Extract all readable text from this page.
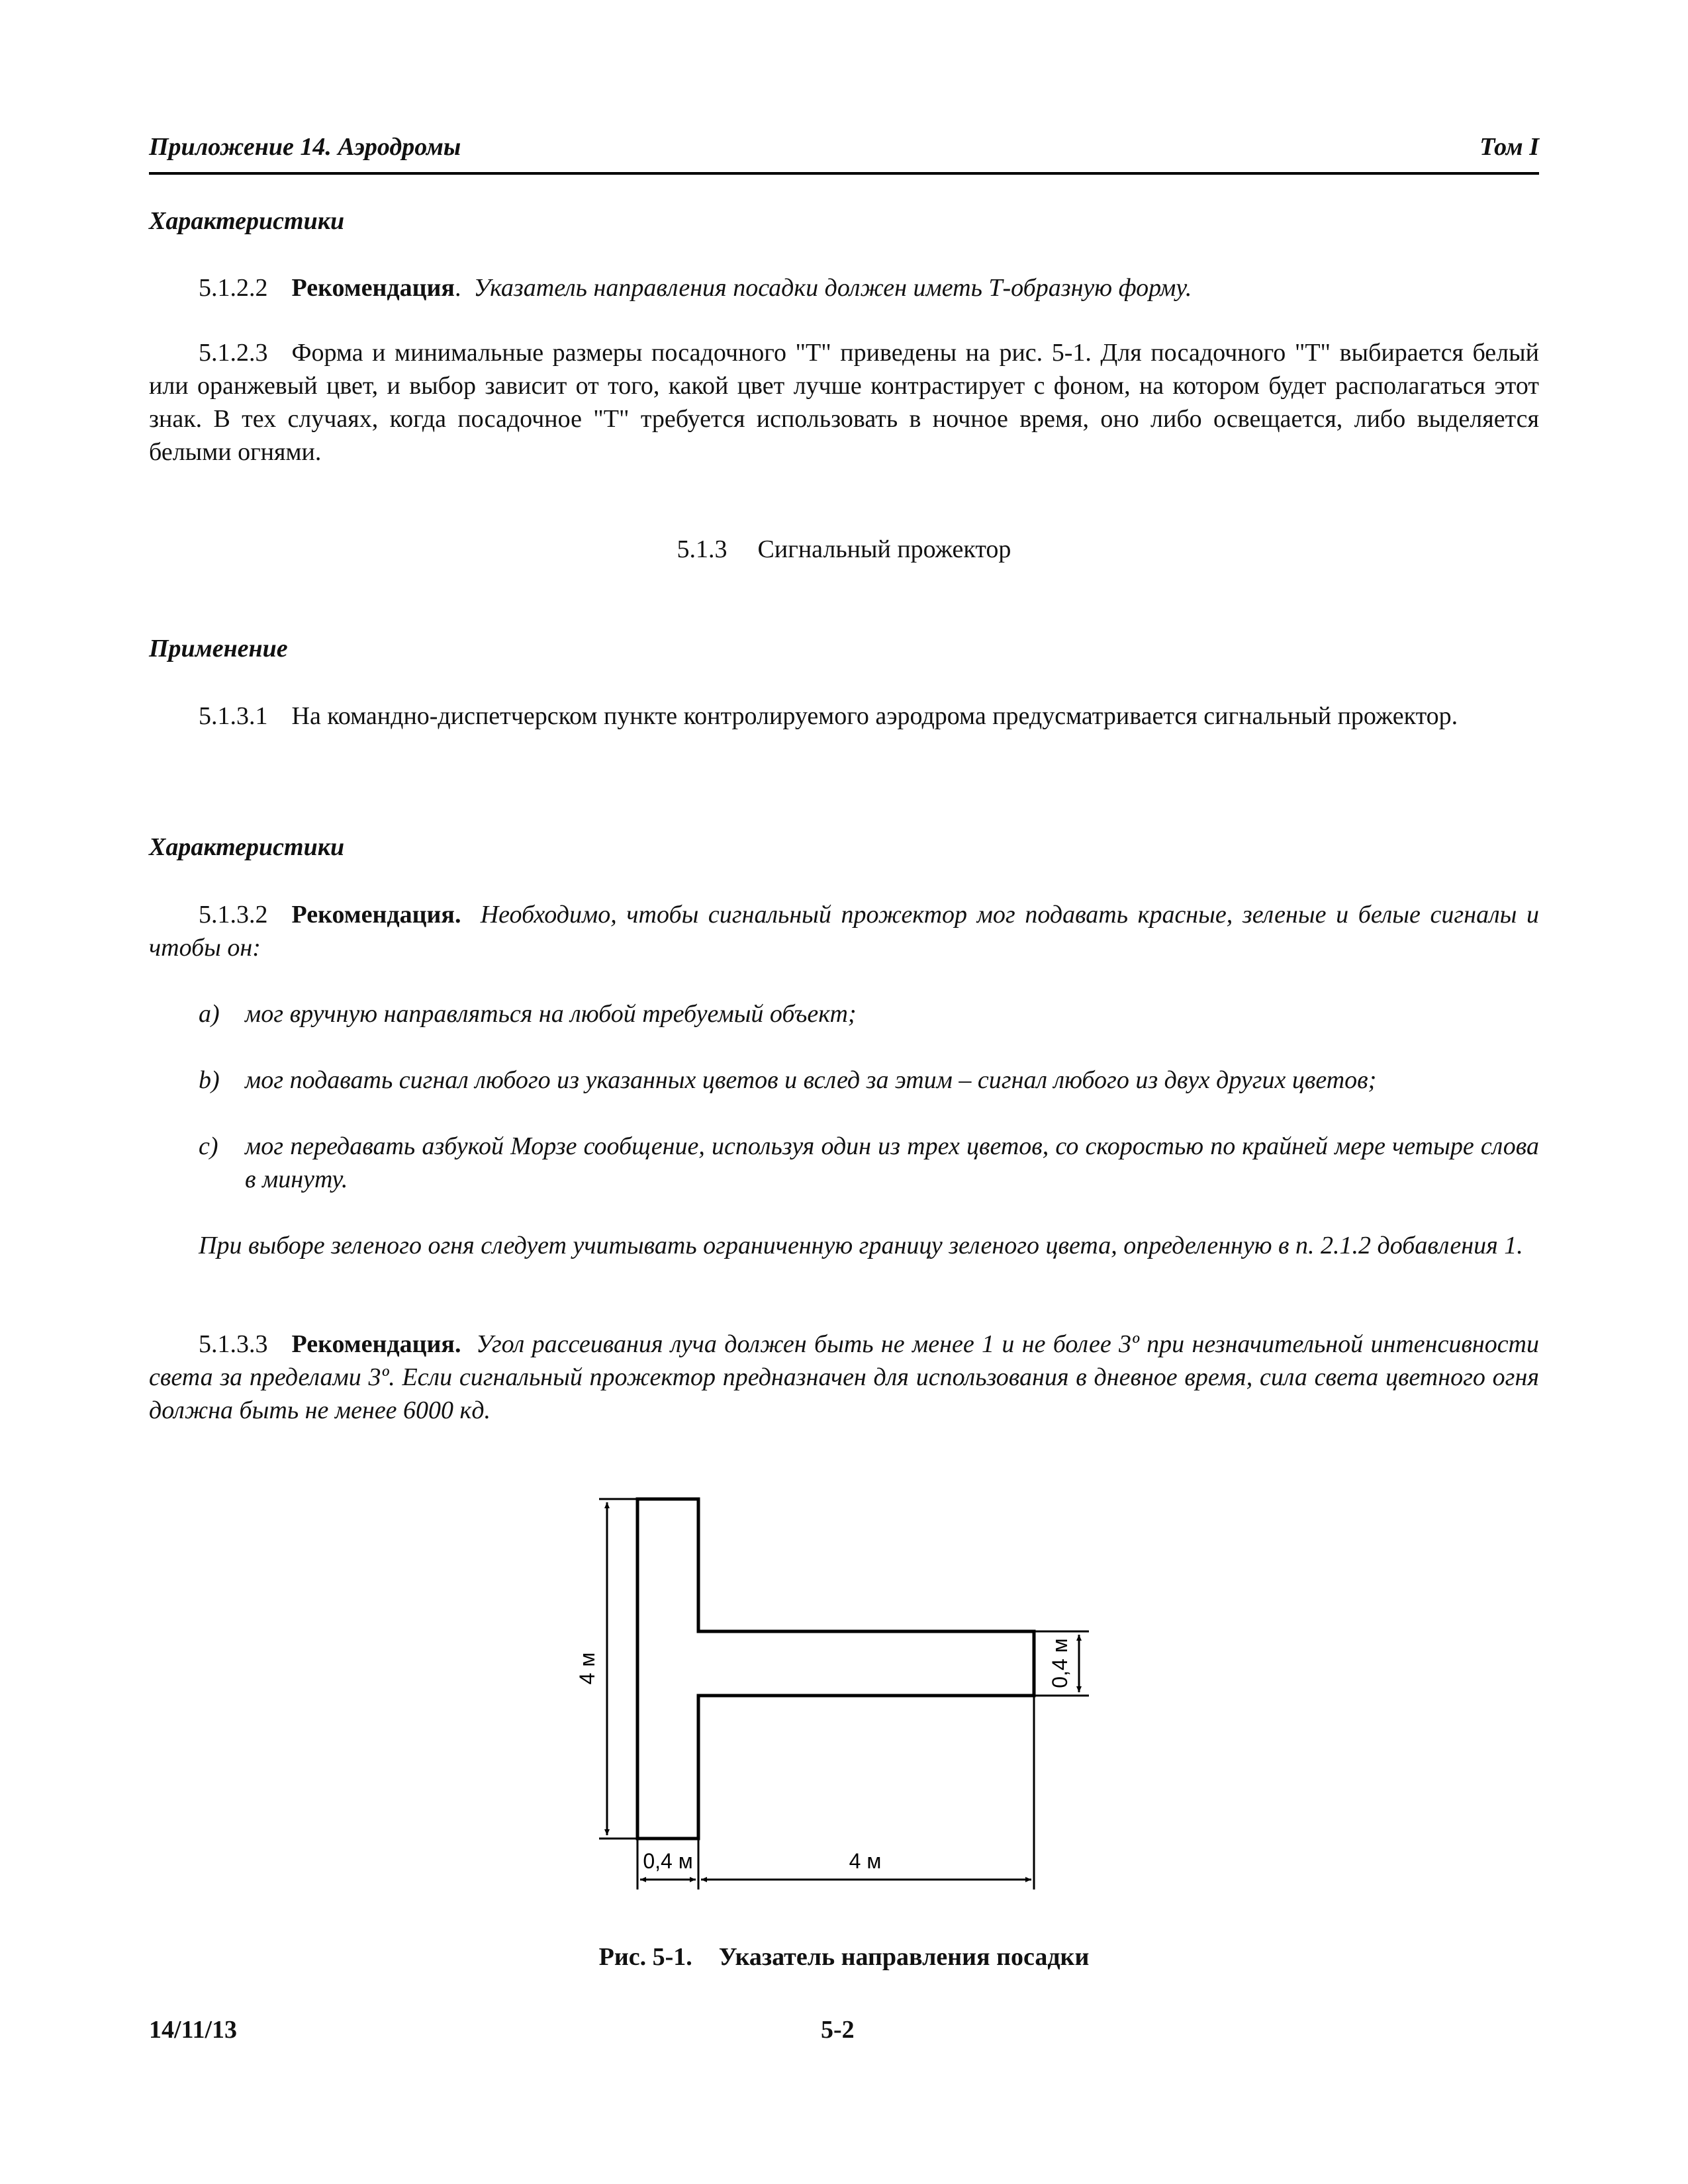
Приложение 14. Аэродромы	Том I
Характеристики
5.1.2.2 Рекомендация. Указатель направления посадки должен иметь Т-образную форму.
5.1.2.3 Форма и минимальные размеры посадочного "Т" приведены на рис. 5-1. Для посадочного "Т" выбирается белый или оранжевый цвет, и выбор зависит от того, какой цвет лучше контрастирует с фоном, на котором будет располагаться этот знак. В тех случаях, когда посадочное "Т" требуется использовать в ночное время, оно либо освещается, либо выделяется белыми огнями.
5.1.3 Сигнальный прожектор
Применение
5.1.3.1 На командно-диспетчерском пункте контролируемого аэродрома предусматривается сигнальный прожектор.
Характеристики
5.1.3.2 Рекомендация. Необходимо, чтобы сигнальный прожектор мог подавать красные, зеленые и белые сигналы и чтобы он:
a) мог вручную направляться на любой требуемый объект;
b) мог подавать сигнал любого из указанных цветов и вслед за этим – сигнал любого из двух других цветов;
c) мог передавать азбукой Морзе сообщение, используя один из трех цветов, со скоростью по крайней мере четыре слова в минуту.
При выборе зеленого огня следует учитывать ограниченную границу зеленого цвета, определенную в п. 2.1.2 добавления 1.
5.1.3.3 Рекомендация. Угол рассеивания луча должен быть не менее 1 и не более 3º при незначительной интенсивности света за пределами 3º. Если сигнальный прожектор предназначен для использования в дневное время, сила света цветного огня должна быть не менее 6000 кд.
4 м	0,4 м
0,4 м	4 м
Рис. 5-1. Указатель направления посадки
14/11/13	5-2
